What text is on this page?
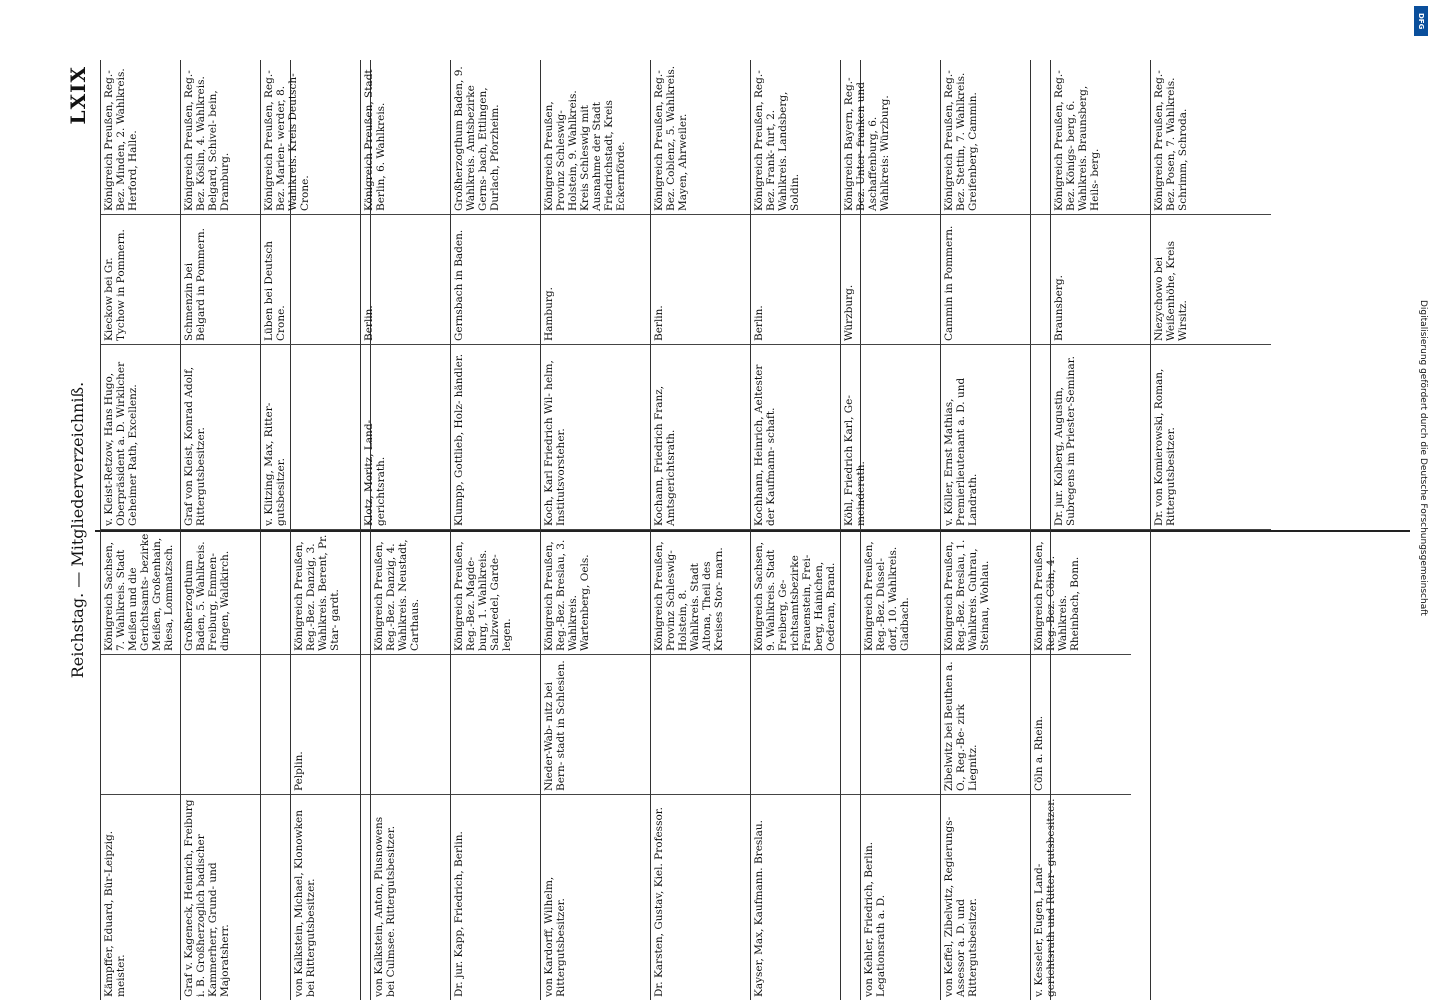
Reichstag. — Mitgliederverzeichniß.
LXIX
Kämpffer, Eduard, Bür-Leipzig. meister.
Königreich Sachsen, 7. Wahlkreis. Stadt Meißen und die Gerichtsamts- bezirke Meißen, Großenhain, Riesa, Lommatzsch.
Graf v. Kageneck, Heinrich, Freiburg i. B. Großherzoglich badischer Kammerherr, Grund- und Majoratsherr.
Großherzogthum Baden, 5. Wahlkreis. Freiburg, Emmen- dingen, Waldkirch.
von Kalkstein, Michael, Klonowken bei Rittergutsbesitzer.
Pelplin.
Königreich Preußen, Reg.-Bez. Danzig, 3. Wahlkreis. Berent, Pr. Star- gardt.
von Kalkstein, Anton, Plusnowens bei Culmsee. Rittergutsbesitzer.
Königreich Preußen, Reg.-Bez. Danzig, 4. Wahlkreis. Neustadt, Carthaus.
Dr. jur. Kapp, Friedrich, Berlin.
Königreich Preußen, Reg.-Bez. Magde- burg, 1. Wahlkreis. Salzwedel, Garde- legen.
von Kardorff, Wilhelm, Rittergutsbesitzer.
Nieder-Wab- nitz bei Bern- stadt in Schlesien.
Königreich Preußen, Reg.-Bez. Breslau, 3. Wahlkreis. Wartenberg, Oels.
Dr. Karsten, Gustav, Kiel. Professor.
Königreich Preußen, Provinz Schleswig- Holstein, 8. Wahlkreis. Stadt Altona, Theil des Kreises Stor- marn.
Kayser, Max, Kaufmann. Breslau.
Königreich Sachsen, 9. Wahlkreis. Stadt Freiberg, Ge- richtsamtsbezirke Frauenstein, Frei- berg, Hainichen, Oederan, Brand.
von Kehler, Friedrich, Berlin. Legationsrath a. D.
Königreich Preußen, Reg.-Bez. Düssel- dorf, 10. Wahlkreis. Gladbach.
von Keffel, Zibelwitz, Regierungs-Assessor a. D. und Rittergutsbesitzer.
Zibelwitz bei Beuthen a. O., Reg.-Be- zirk Liegnitz.
Königreich Preußen, Reg.-Bez. Breslau, 1. Wahlkreis. Guhrau, Steinau, Wohlau.
v. Kesseler, Eugen, Land- gerichtsrath und Ritter- gutsbesitzer.
Cöln a. Rhein.
Königreich Preußen, Reg.-Bez. Cöln, 4. Wahlkreis. Rheinbach, Bonn.
v. Kleist-Retzow, Hans Hugo, Oberpräsident a. D. Wirklicher Geheimer Rath, Excellenz.
Kieckow bei Gr. Tychow in Pommern.
Königreich Preußen, Reg.-Bez. Minden, 2. Wahlkreis. Herford, Halle.
Graf von Kleist, Konrad Adolf, Rittergutsbesitzer.
Schmenzin bei Belgard in Pommern.
Königreich Preußen, Reg.-Bez. Köslin, 4. Wahlkreis. Belgard, Schivel- bein, Dramburg.
v. Klitzing, Max, Ritter- gutsbesitzer.
Lüben bei Deutsch Crone.
Königreich Preußen, Reg.-Bez. Marien- werder, 8. Wahlkreis. Kreis Deutsch- Crone.
Klotz, Moritz, Land- gerichtsrath.
Berlin.
Königreich Preußen, Stadt Berlin, 6. Wahlkreis.
Klumpp, Gottlieb, Holz- händler.
Gernsbach in Baden.
Großherzogthum Baden, 9. Wahlkreis. Amtsbezirke Gerns- bach, Ettlingen, Durlach, Pforzheim.
Koch, Karl Friedrich Wil- helm, Institutsvorsteher.
Hamburg.
Königreich Preußen, Provinz Schleswig- Holstein, 9. Wahlkreis. Kreis Schleswig mit Ausnahme der Stadt Friedrichstadt, Kreis Eckernförde.
Kochann, Friedrich Franz, Amtsgerichtsrath.
Berlin.
Königreich Preußen, Reg.-Bez. Coblenz, 5. Wahlkreis. Mayen, Ahrweiler.
Kochhann, Heinrich, Aeltester der Kaufmann- schaft.
Berlin.
Königreich Preußen, Reg.-Bez. Frank- furt, 2. Wahlkreis. Landsberg, Soldin.
Köhl, Friedrich Karl, Ge- meinderath.
Würzburg.
Königreich Bayern, Reg.-Bez. Unter- franken und Aschaffenburg, 6. Wahlkreis: Würzburg.
v. Köller, Ernst Mathias, Premierlieutenant a. D. und Landrath.
Cammin in Pommern.
Königreich Preußen, Reg.-Bez. Stettin, 7. Wahlkreis. Greifenberg, Cammin.
Dr. jur. Kolberg, Augustin, Subregens im Priester-Seminar.
Braunsberg.
Königreich Preußen, Reg.-Bez. Königs- berg, 6. Wahlkreis. Braunsberg, Heils- berg.
Dr. von Komierowski, Roman, Rittergutsbesitzer.
Niezychowo bei Weißenhöhe, Kreis Wirsitz.
Königreich Preußen, Reg.-Bez. Posen, 7. Wahlkreis. Schrimm, Schroda.
Digitalisierung gefördert durch die Deutsche Forschungsgemeinschaft
DFG
